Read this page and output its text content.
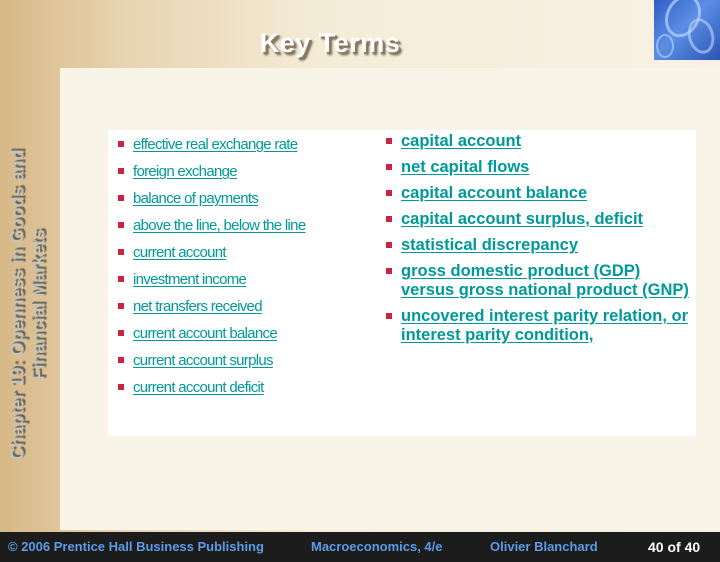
Key Terms
Chapter 19: Openness in Goods and Financial Markets
effective real exchange rate
foreign exchange
balance of payments
above the line, below the line
current account
investment income
net transfers received
current account balance
current account surplus
current account deficit
capital account
net capital flows
capital account balance
capital account surplus, deficit
statistical discrepancy
gross domestic product (GDP) versus gross national product (GNP)
uncovered interest parity relation, or interest parity condition,
© 2006 Prentice Hall Business Publishing	Macroeconomics, 4/e	Olivier Blanchard	40 of 40
